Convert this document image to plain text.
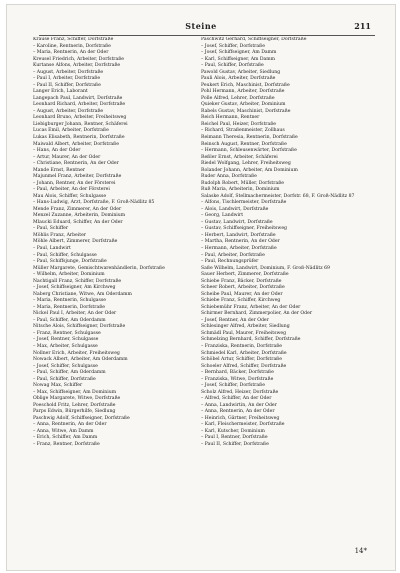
Steine	211
Krause Franz, Schiffer, Dorfstraße
– Karoline, Rentnerin, Dorfstraße
– Maria, Rentnerin, An der Oder
Kreusel Friedrich, Arbeiter, Dorfstraße
Kurtanse Alfons, Arbeiter, Dorfstraße
– August, Arbeiter, Dorfstraße
– Paul I, Arbeiter, Dorfstraße
– Paul II, Schiffer, Dorfstraße
Langer Erich, Laborant
Langepach Paul, Landwirt, Dorfstraße
Leonhard Richard, Arbeiter, Dorfstraße
– August, Arbeiter, Dorfstraße
Leonhard Bruno, Arbeiter, Freiheitsweg
Liebigburger Johann, Rentner, Schäferei
Lucas Emil, Arbeiter, Dorfstraße
Lukas Elisabeth, Rentnerin, Dorfstraße
Maiwald Albert, Arbeiter, Dorfstraße
– Hans, An der Oder
– Artur, Maurer, An der Oder
– Christiane, Rentnerin, An der Oder
Mande Ernst, Rentner
Majunmel Franz, Arbeiter, Dorfstraße
– Johann, Rentner, An der Försterei
– Paul, Arbeiter, An der Försterei
Mau Alois, Schiffer, Schulgasse
– Hans-Ludwig, Arzt, Dorfstraße, F. Groß-Nädlitz 85
Mende Franz, Zimmerer, An der Oder
Menzel Zuzanne, Arbeiterin, Dominium
Mlaucki Eduard, Schiffer, An der Oder
– Paul, Schiffer
Möhlis Franz, Arbeiter
Möhle Albert, Zimmerer, Dorfstraße
– Paul, Landwirt
– Paul, Schiffer, Schulgasse
– Paul, Schiffsjunge, Dorfstraße
Müller Margarete, Gemischtwarenhändlerin, Dorfstraße
– Wilhelm, Arbeiter, Dominium
Nachtigall Franz, Schiffer, Dorfstraße
– Josef, Schiffseigner, Am Kirchweg
Naberg Christiane, Witwe, Am Oderdamm
– Maria, Rentnerin, Schulgasse
– Maria, Rentnerin, Dorfstraße
Nickel Paul I, Arbeiter, An der Oder
– Paul, Schiffer, Am Oderdamm
Nitsche Alois, Schiffseigner, Dorfstraße
– Franz, Rentner, Schulgasse
– Josef, Rentner, Schulgasse
– Max, Arbeiter, Schulgasse
Nollner Erich, Arbeiter, Freiheitsweg
Nowack Albert, Arbeiter, Am Oderdamm
– Josef, Schiffer, Schulgasse
– Paul, Schiffer, Am Oderdamm
– Paul, Schiffer, Dorfstraße
Nowag Max, Schiffer
– Max, Schiffseigner, Am Dominium
Oblige Margarete, Witwe, Dorfstraße
Poeschold Fritz, Lehrer, Dorfstraße
Parps Edwin, Bürgerhilfe, Siedlung
Paschwig Adolf, Schiffseigner, Dorfstraße
– Anna, Rentnerin, An der Oder
– Anna, Witwe, Am Damm
– Erich, Schiffer, Am Damm
– Franz, Rentner, Dorfstraße
Paschwitz Gerhard, Schiffseigner, Dorfstraße
– Josef, Schiffer, Dorfstraße
– Josef, Schiffseigner, Am Damm
– Karl, Schiffseigner, Am Damm
– Paul, Schiffer, Dorfstraße
Pawold Gustav, Arbeiter, Siedlung
Pauli Alois, Arbeiter, Dorfstraße
Peukert Erich, Maschinist, Dorfstraße
Pohl Hermann, Arbeiter, Dorfstraße
Polle Alfred, Lehrer, Dorfstraße
Quieker Gustav, Arbeiter, Dominium
Rabels Gustav, Maschinist, Dorfstraße
Reich Hermann, Rentner
Reichel Paul, Heizer, Dorfstraße
– Richard, Straßenmeister, Zollhaus
Reimann Theresia, Rentnerin, Dorfstraße
Reinsch August, Rentner, Dorfstraße
– Hermann, Schleusenwärter, Dorfstraße
Reßler Ernst, Arbeiter, Schäferei
Riedel Wolfgang, Lehrer, Freiheitsweg
Rolander Johann, Arbeiter, Am Dominium
Ruder Anna, Dorfstraße
Rudolph Robert, Müller, Dorfstraße
Ruß Maria, Arbeiterin, Dominium
Salaske Adolf, Stellmachermeister, Dorfstr. 68, F. Groß-Nädlitz 87
– Alfons, Tischlermeister, Dorfstraße
– Alois, Landwirt, Dorfstraße
– Georg, Landwirt
– Gustav, Landwirt, Dorfstraße
– Gustav, Schiffseigner, Freiheitsweg
– Herbert, Landwirt, Dorfstraße
– Martha, Rentnerin, An der Oder
– Hermann, Arbeiter, Dorfstraße
– Paul, Arbeiter, Dorfstraße
– Paul, Rechnungsprüfer
Saße Wilhelm, Landwirt, Dominium, F. Groß-Nädlitz 69
Sauer Herbert, Zimmerer, Dorfstraße
Schiebe Franz, Bäcker, Dorfstraße
Scheer Robert, Arbeiter, Dorfstraße
Scheibe Paul, Maurer, An der Oder
Schiebe Franz, Schiffer, Kirchweg
Schiebemühr Franz, Arbeiter, An der Oder
Schirmer Bernhard, Zimmerpolier, An der Oder
– Josef, Rentner, An der Oder
Schlesinger Alfred, Arbeiter, Siedlung
Schmädl Paul, Maurer, Freiheitsweg
Schmelzing Bernhard, Schiffer, Dorfstraße
– Franziska, Rentnerin, Dorfstraße
Schmiedel Karl, Arbeiter, Dorfstraße
Schöbel Artur, Schiffer, Dorfstraße
Schoeler Alfred, Schiffer, Dorfstraße
– Bernhard, Bäcker, Dorfstraße
– Franziska, Witwe, Dorfstraße
– Josef, Schiffer, Dorfstraße
Scholz Alfred, Heizer, Dorfstraße
– Alfred, Schiffer, An der Oder
– Anna, Landwirtin, An der Oder
– Anna, Rentnerin, An der Oder
– Heinrich, Gärtner, Freiheitsweg
– Karl, Fleischermeister, Dorfstraße
– Karl, Kutscher, Dominium
– Paul I, Rentner, Dorfstraße
– Paul II, Schiffer, Dorfstraße
14*
